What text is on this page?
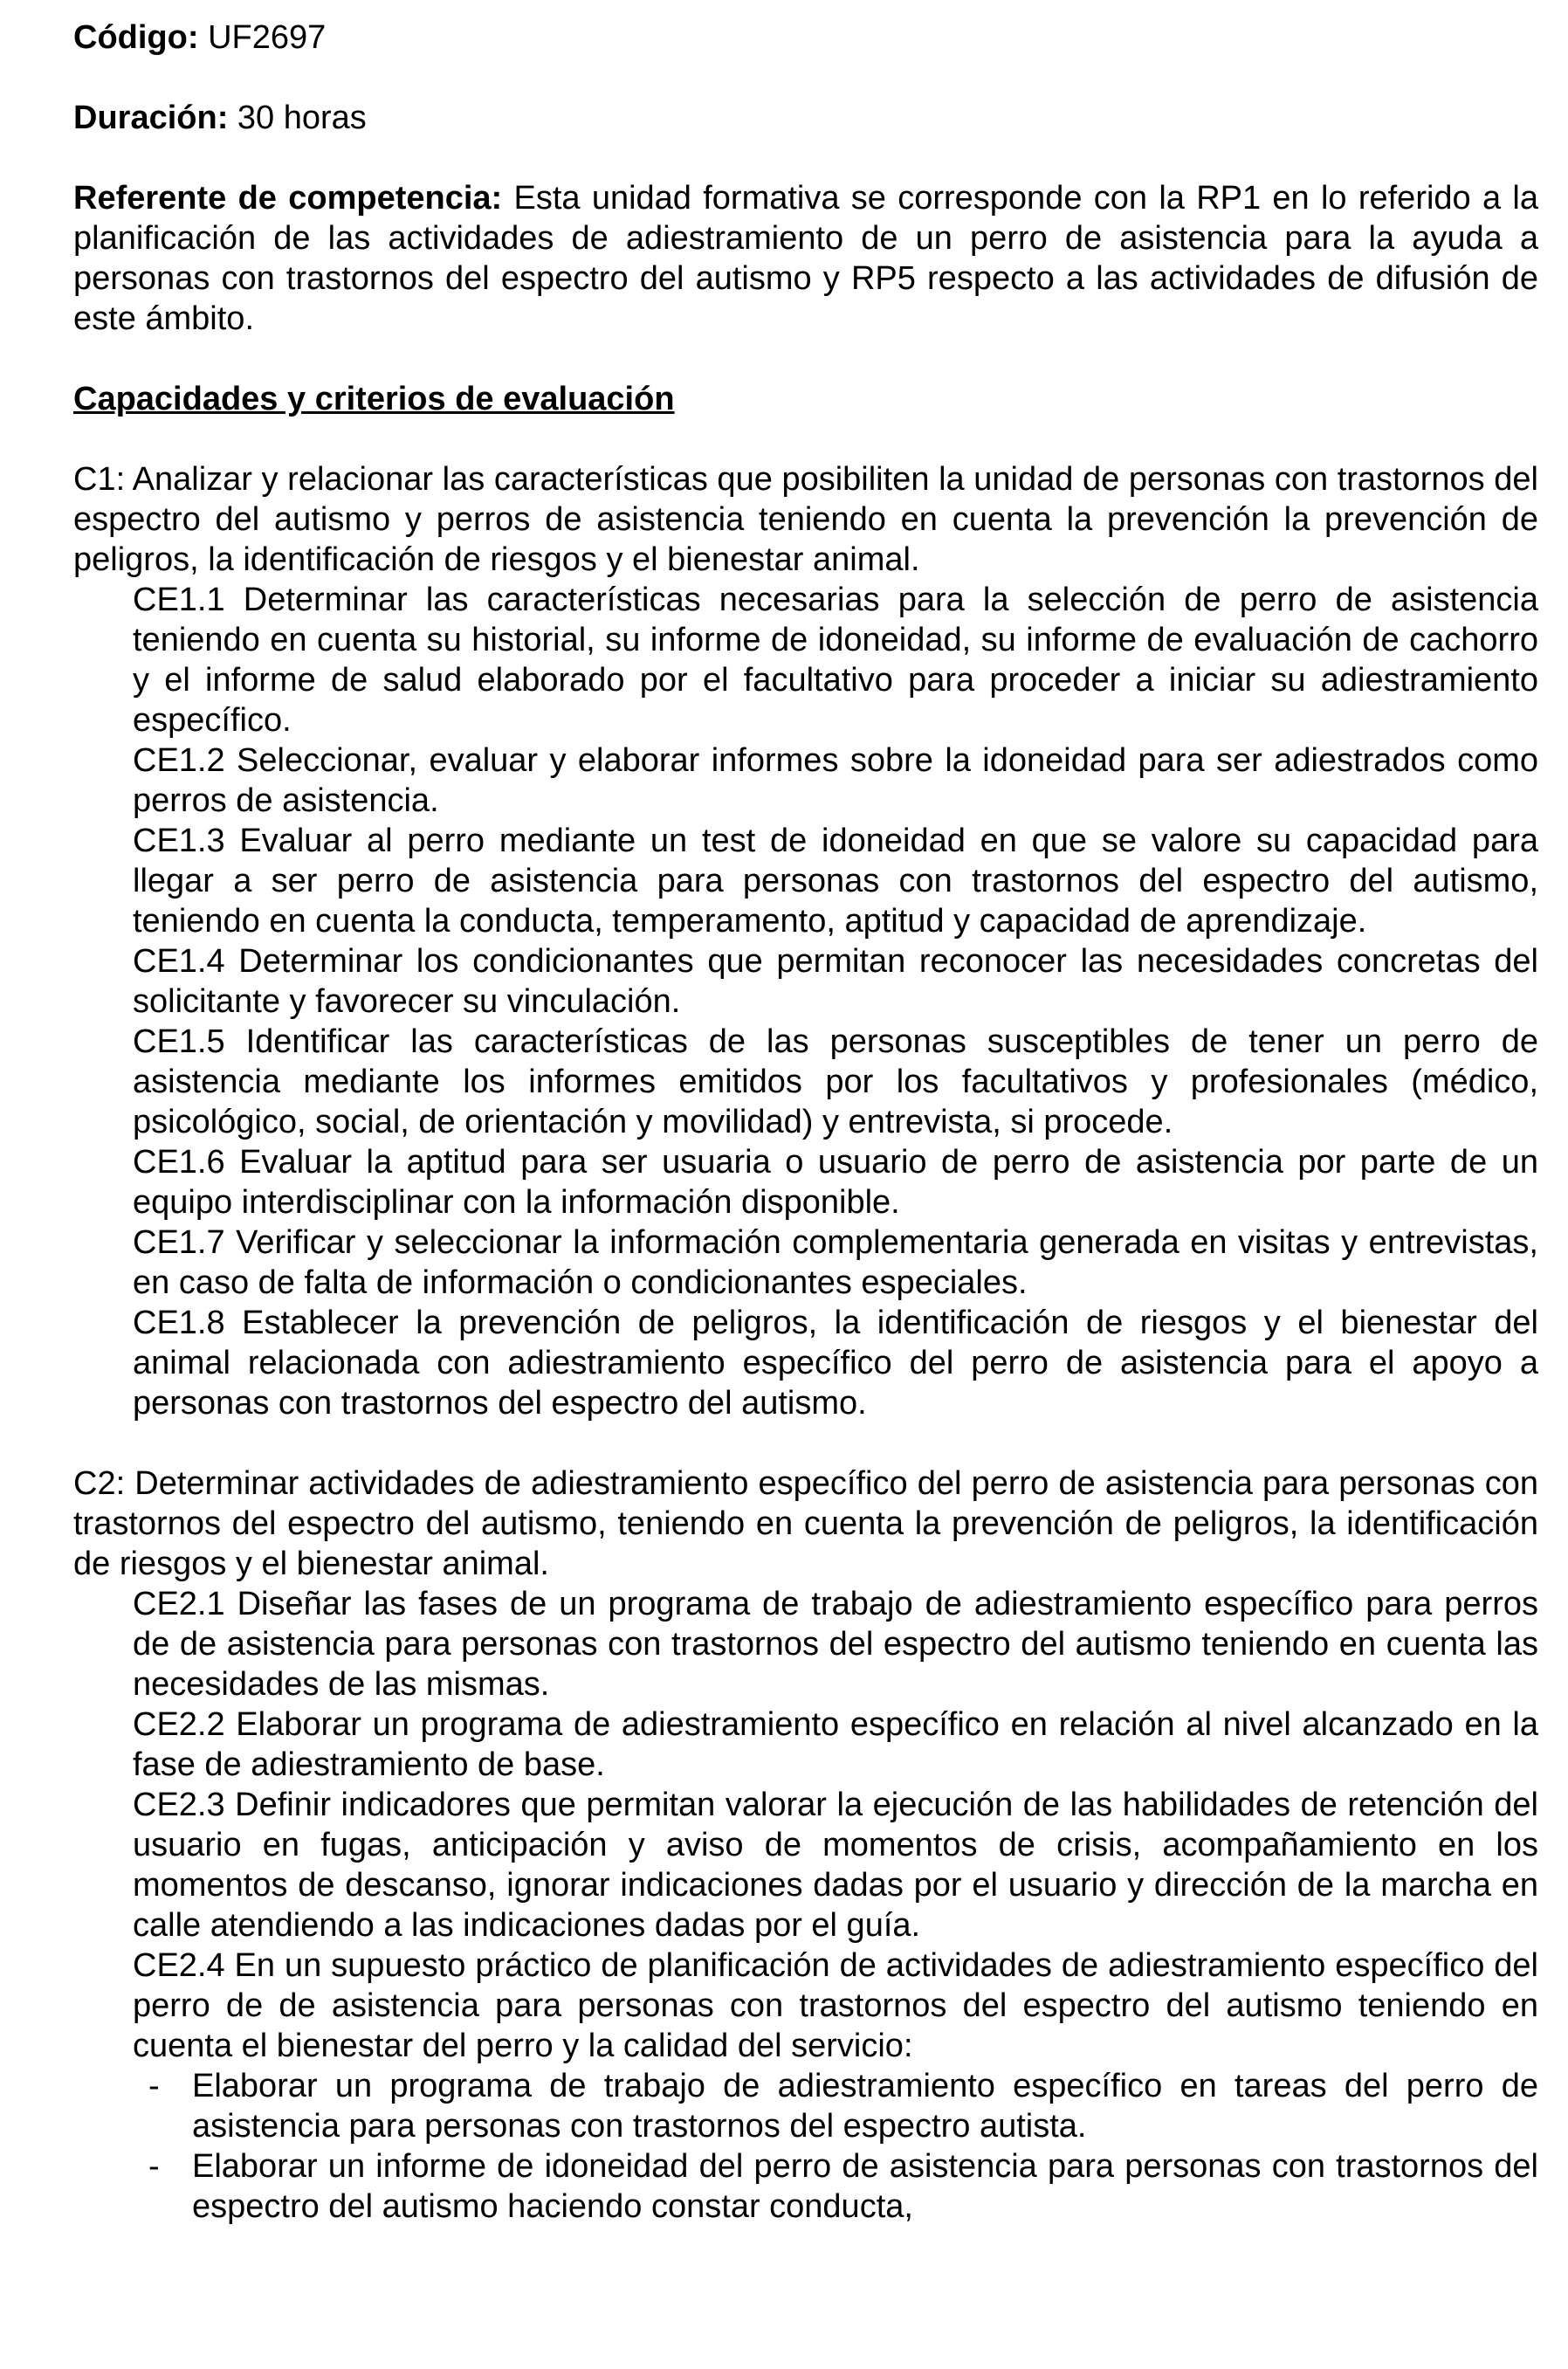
Código: UF2697

Duración: 30 horas

Referente de competencia: Esta unidad formativa se corresponde con la RP1 en lo referido a la planificación de las actividades de adiestramiento de un perro de asistencia para la ayuda a personas con trastornos del espectro del autismo y RP5 respecto a las actividades de difusión de este ámbito.

Capacidades y criterios de evaluación

C1: Analizar y relacionar las características que posibiliten la unidad de personas con trastornos del espectro del autismo y perros de asistencia teniendo en cuenta la prevención la prevención de peligros, la identificación de riesgos y el bienestar animal.

CE1.1 Determinar las características necesarias para la selección de perro de asistencia teniendo en cuenta su historial, su informe de idoneidad, su informe de evaluación de cachorro y el informe de salud elaborado por el facultativo para proceder a iniciar su adiestramiento específico.

CE1.2 Seleccionar, evaluar y elaborar informes sobre la idoneidad para ser adiestrados como perros de asistencia.

CE1.3 Evaluar al perro mediante un test de idoneidad en que se valore su capacidad para llegar a ser perro de asistencia para personas con trastornos del espectro del autismo, teniendo en cuenta la conducta, temperamento, aptitud y capacidad de aprendizaje.

CE1.4 Determinar los condicionantes que permitan reconocer las necesidades concretas del solicitante y favorecer su vinculación.

CE1.5 Identificar las características de las personas susceptibles de tener un perro de asistencia mediante los informes emitidos por los facultativos y profesionales (médico, psicológico, social, de orientación y movilidad) y entrevista, si procede.

CE1.6 Evaluar la aptitud para ser usuaria o usuario de perro de asistencia por parte de un equipo interdisciplinar con la información disponible.

CE1.7 Verificar y seleccionar la información complementaria generada en visitas y entrevistas, en caso de falta de información o condicionantes especiales.

CE1.8 Establecer la prevención de peligros, la identificación de riesgos y el bienestar del animal relacionada con adiestramiento específico del perro de asistencia para el apoyo a personas con trastornos del espectro del autismo.

C2: Determinar actividades de adiestramiento específico del perro de asistencia para personas con trastornos del espectro del autismo, teniendo en cuenta la prevención de peligros, la identificación de riesgos y el bienestar animal.

CE2.1 Diseñar las fases de un programa de trabajo de adiestramiento específico para perros de de asistencia para personas con trastornos del espectro del autismo teniendo en cuenta las necesidades de las mismas.

CE2.2 Elaborar un programa de adiestramiento específico en relación al nivel alcanzado en la fase de adiestramiento de base.

CE2.3 Definir indicadores que permitan valorar la ejecución de las habilidades de retención del usuario en fugas, anticipación y aviso de momentos de crisis, acompañamiento en los momentos de descanso, ignorar indicaciones dadas por el usuario y dirección de la marcha en calle atendiendo a las indicaciones dadas por el guía.

CE2.4 En un supuesto práctico de planificación de actividades de adiestramiento específico del perro de de asistencia para personas con trastornos del espectro del autismo teniendo en cuenta el bienestar del perro y la calidad del servicio:

- Elaborar un programa de trabajo de adiestramiento específico en tareas del perro de asistencia para personas con trastornos del espectro autista.
- Elaborar un informe de idoneidad del perro de asistencia para personas con trastornos del espectro del autismo haciendo constar conducta,
